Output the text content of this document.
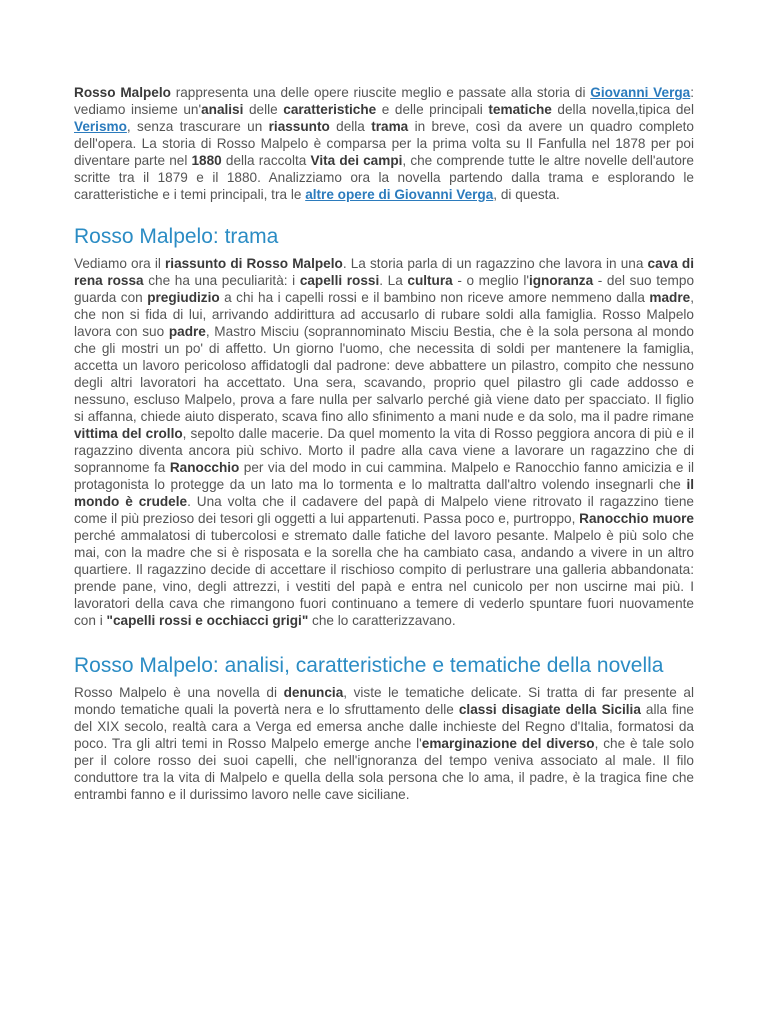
Rosso Malpelo rappresenta una delle opere riuscite meglio e passate alla storia di Giovanni Verga: vediamo insieme un'analisi delle caratteristiche e delle principali tematiche della novella,tipica del Verismo, senza trascurare un riassunto della trama in breve, così da avere un quadro completo dell'opera. La storia di Rosso Malpelo è comparsa per la prima volta su Il Fanfulla nel 1878 per poi diventare parte nel 1880 della raccolta Vita dei campi, che comprende tutte le altre novelle dell'autore scritte tra il 1879 e il 1880. Analizziamo ora la novella partendo dalla trama e esplorando le caratteristiche e i temi principali, tra le altre opere di Giovanni Verga, di questa.

Rosso Malpelo: trama

Vediamo ora il riassunto di Rosso Malpelo. La storia parla di un ragazzino che lavora in una cava di rena rossa che ha una peculiarità: i capelli rossi. La cultura - o meglio l'ignoranza - del suo tempo guarda con pregiudizio a chi ha i capelli rossi e il bambino non riceve amore nemmeno dalla madre, che non si fida di lui, arrivando addirittura ad accusarlo di rubare soldi alla famiglia. Rosso Malpelo lavora con suo padre, Mastro Misciu (soprannominato Misciu Bestia, che è la sola persona al mondo che gli mostri un po' di affetto. Un giorno l'uomo, che necessita di soldi per mantenere la famiglia, accetta un lavoro pericoloso affidatogli dal padrone: deve abbattere un pilastro, compito che nessuno degli altri lavoratori ha accettato. Una sera, scavando, proprio quel pilastro gli cade addosso e nessuno, escluso Malpelo, prova a fare nulla per salvarlo perché già viene dato per spacciato. Il figlio si affanna, chiede aiuto disperato, scava fino allo sfinimento a mani nude e da solo, ma il padre rimane vittima del crollo, sepolto dalle macerie. Da quel momento la vita di Rosso peggiora ancora di più e il ragazzino diventa ancora più schivo. Morto il padre alla cava viene a lavorare un ragazzino che di soprannome fa Ranocchio per via del modo in cui cammina. Malpelo e Ranocchio fanno amicizia e il protagonista lo protegge da un lato ma lo tormenta e lo maltratta dall'altro volendo insegnarli che il mondo è crudele. Una volta che il cadavere del papà di Malpelo viene ritrovato il ragazzino tiene come il più prezioso dei tesori gli oggetti a lui appartenuti. Passa poco e, purtroppo, Ranocchio muore perché ammalatosi di tubercolosi e stremato dalle fatiche del lavoro pesante. Malpelo è più solo che mai, con la madre che si è risposata e la sorella che ha cambiato casa, andando a vivere in un altro quartiere. Il ragazzino decide di accettare il rischioso compito di perlustrare una galleria abbandonata: prende pane, vino, degli attrezzi, i vestiti del papà e entra nel cunicolo per non uscirne mai più. I lavoratori della cava che rimangono fuori continuano a temere di vederlo spuntare fuori nuovamente con i "capelli rossi e occhiacci grigi" che lo caratterizzavano.

Rosso Malpelo: analisi, caratteristiche e tematiche della novella

Rosso Malpelo è una novella di denuncia, viste le tematiche delicate. Si tratta di far presente al mondo tematiche quali la povertà nera e lo sfruttamento delle classi disagiate della Sicilia alla fine del XIX secolo, realtà cara a Verga ed emersa anche dalle inchieste del Regno d'Italia, formatosi da poco. Tra gli altri temi in Rosso Malpelo emerge anche l'emarginazione del diverso, che è tale solo per il colore rosso dei suoi capelli, che nell'ignoranza del tempo veniva associato al male. Il filo conduttore tra la vita di Malpelo e quella della sola persona che lo ama, il padre, è la tragica fine che entrambi fanno e il durissimo lavoro nelle cave siciliane.
